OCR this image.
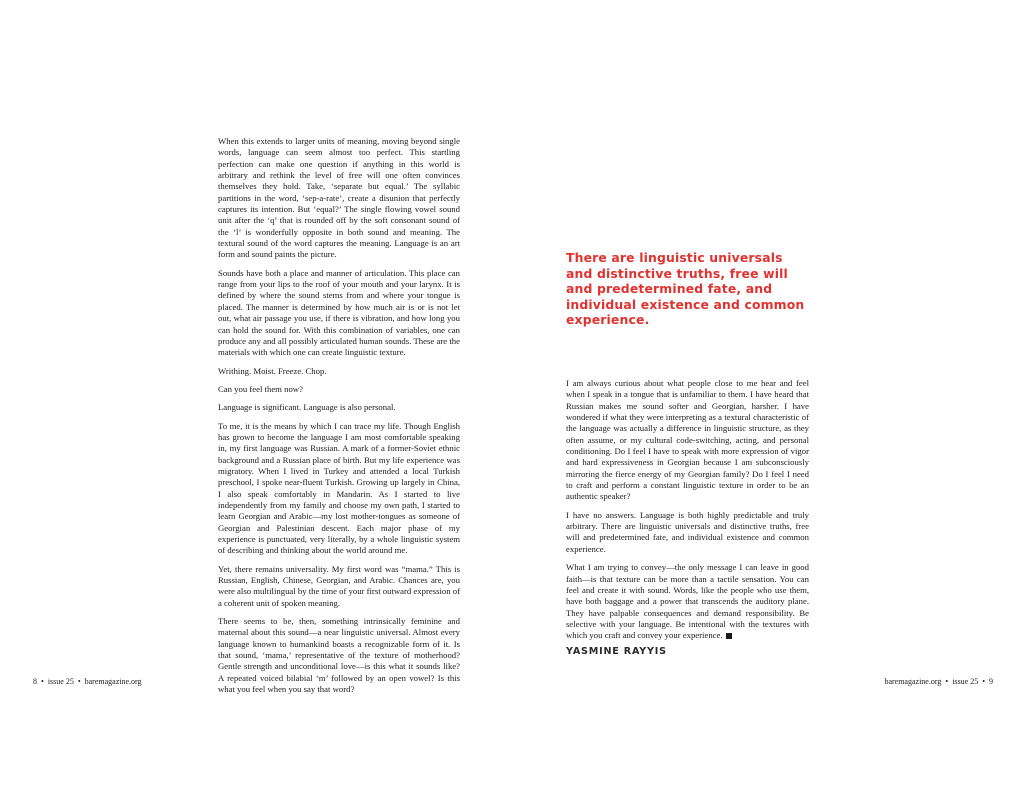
When this extends to larger units of meaning, moving beyond single words, language can seem almost too perfect. This startling perfection can make one question if anything in this world is arbitrary and rethink the level of free will one often convinces themselves they hold. Take, ‘separate but equal.’ The syllabic partitions in the word, ‘sep-a-rate’, create a disunion that perfectly captures its intention. But ‘equal?’ The single flowing vowel sound unit after the ‘q’ that is rounded off by the soft consonant sound of the ‘l’ is wonderfully opposite in both sound and meaning. The textural sound of the word captures the meaning. Language is an art form and sound paints the picture.

Sounds have both a place and manner of articulation. This place can range from your lips to the roof of your mouth and your larynx. It is defined by where the sound stems from and where your tongue is placed. The manner is determined by how much air is or is not let out, what air passage you use, if there is vibration, and how long you can hold the sound for. With this combination of variables, one can produce any and all possibly articulated human sounds. These are the materials with which one can create linguistic texture.

Writhing. Moist. Freeze. Chop.

Can you feel them now?

Language is significant. Language is also personal.

To me, it is the means by which I can trace my life. Though English has grown to become the language I am most comfortable speaking in, my first language was Russian. A mark of a former-Soviet ethnic background and a Russian place of birth. But my life experience was migratory. When I lived in Turkey and attended a local Turkish preschool, I spoke near-fluent Turkish. Growing up largely in China, I also speak comfortably in Mandarin. As I started to live independently from my family and choose my own path, I started to learn Georgian and Arabic—my lost mother-tongues as someone of Georgian and Palestinian descent. Each major phase of my experience is punctuated, very literally, by a whole linguistic system of describing and thinking about the world around me.

Yet, there remains universality. My first word was “mama.” This is Russian, English, Chinese, Georgian, and Arabic. Chances are, you were also multilingual by the time of your first outward expression of a coherent unit of spoken meaning.

There seems to be, then, something intrinsically feminine and maternal about this sound—a near linguistic universal. Almost every language known to humankind boasts a recognizable form of it. Is that sound, ‘mama,’ representative of the texture of motherhood? Gentle strength and unconditional love—is this what it sounds like? A repeated voiced bilabial ‘m’ followed by an open vowel? Is this what you feel when you say that word?

8 • issue 25 • baremagazine.org
There are linguistic universals and distinctive truths, free will and predetermined fate, and individual existence and common experience.

I am always curious about what people close to me hear and feel when I speak in a tongue that is unfamiliar to them. I have heard that Russian makes me sound softer and Georgian, harsher. I have wondered if what they were interpreting as a textural characteristic of the language was actually a difference in linguistic structure, as they often assume, or my cultural code-switching, acting, and personal conditioning. Do I feel I have to speak with more expression of vigor and hard expressiveness in Georgian because I am subconsciously mirroring the fierce energy of my Georgian family? Do I feel I need to craft and perform a constant linguistic texture in order to be an authentic speaker?

I have no answers. Language is both highly predictable and truly arbitrary. There are linguistic universals and distinctive truths, free will and predetermined fate, and individual existence and common experience.

What I am trying to convey—the only message I can leave in good faith—is that texture can be more than a tactile sensation. You can feel and create it with sound. Words, like the people who use them, have both baggage and a power that transcends the auditory plane. They have palpable consequences and demand responsibility. Be selective with your language. Be intentional with the textures with which you craft and convey your experience.

YASMINE RAYYIS
baremagazine.org • issue 25 • 9
